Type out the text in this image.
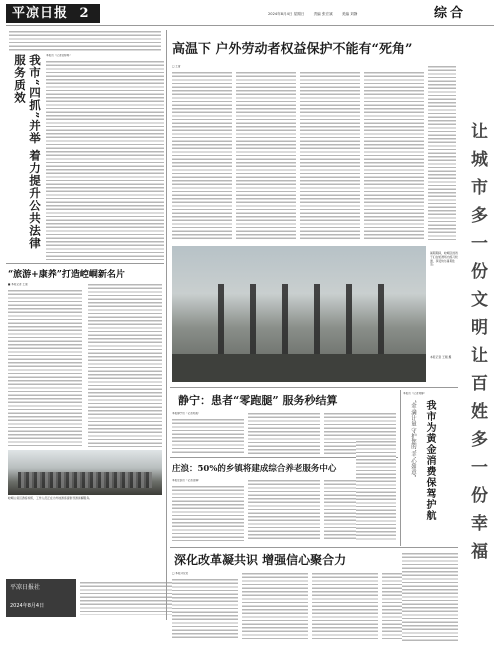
平凉日报 2	2024年8月4日 星期日	责编 张宏斌	美编 刘静	综合
让城市多一份文明
让百姓多一份幸福
我市“四抓”并举 着力提升公共法律服务质效	本报讯（记者张婷婷）
“旅游+康养”打造崆峒新名片
■ 本报记者 王蕾
崆峒山景区游客如织，工作人员正在为外地游客提供导游讲解服务。
平凉日报社
2024年8月4日
高温下 户外劳动者权益保护不能有“死角”
□ 王蕾
暑期期间，崆峒区的孩子们在轮滑场内练习轮滑，享受快乐暑期生活。
本报记者 王刚 摄
静宁：患者“零跑腿” 服务秒结算
本报静宁讯（记者刘燕）
庄浪：50%的乡镇将建成综合养老服务中心
本报庄浪讯（记者张琳）
本报讯（记者刘静）
我市为黄金消费保驾护航
“金·满计量 守护您的‘幸’心如意”
深化改革凝共识 增强信心聚合力
□ 本报评论员
